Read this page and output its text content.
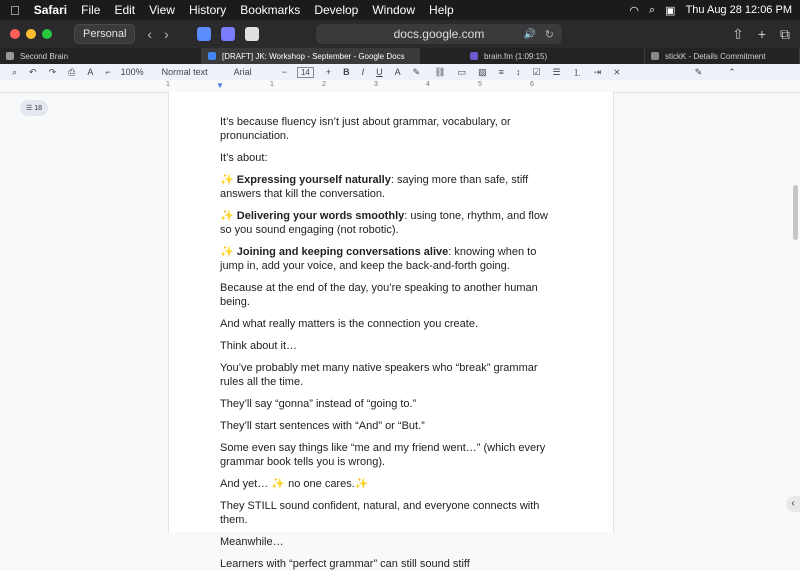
Safari File Edit View History Bookmarks Develop Window Help	◠ ⌕ ▣ Thu Aug 28 12:06 PM
Personal	‹ ›	docs.google.com	🔊 ↻	⇧ + ⧉
Second Brain	[DRAFT] JK: Workshop - September - Google Docs	brain.fm (1:09:15)	stickK - Details Commitment
⌕ ↶ ↷ ⎙ A ⌐ 100% Normal text	Arial	−	14	+ B I U A ✎ ⛓ ▭ ▨ ≡ ↕ ☑ ☰ ⒈ ⇥ ⨯	✎	⌃
1	▼	1	2	3	4	5	6
☰ 18

It’s because fluency isn’t just about grammar, vocabulary, or pronunciation.

It’s about:

✨ Expressing yourself naturally: saying more than safe, stiff answers that kill the conversation.

✨ Delivering your words smoothly: using tone, rhythm, and flow so you sound engaging (not robotic).

✨ Joining and keeping conversations alive: knowing when to jump in, add your voice, and keep the back-and-forth going.

Because at the end of the day, you’re speaking to another human being.

And what really matters is the connection you create.

Think about it…

You’ve probably met many native speakers who “break” grammar rules all the time.

They’ll say “gonna” instead of “going to.”

They’ll start sentences with “And” or “But.”

Some even say things like “me and my friend went…” (which every grammar book tells you is wrong).

And yet… ✨ no one cares.✨

They STILL sound confident, natural, and everyone connects with them.

Meanwhile…

Learners with “perfect grammar” can still sound stiff

‹
